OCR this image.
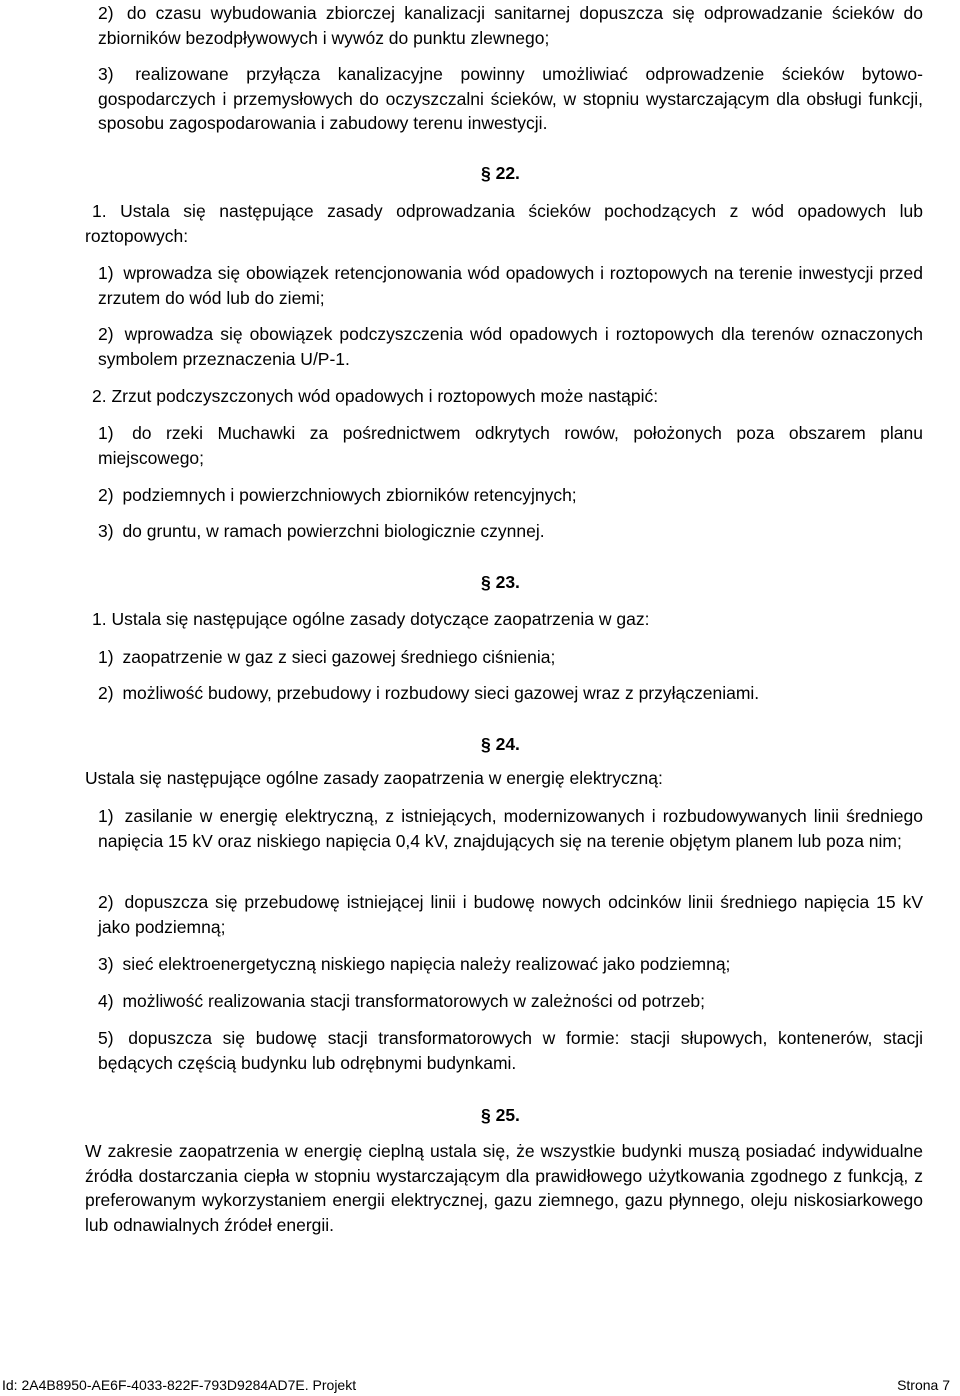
2) do czasu wybudowania zbiorczej kanalizacji sanitarnej dopuszcza się odprowadzanie ścieków do zbiorników bezodpływowych i wywóz do punktu zlewnego;
3) realizowane przyłącza kanalizacyjne powinny umożliwiać odprowadzenie ścieków bytowo-gospodarczych i przemysłowych do oczyszczalni ścieków, w stopniu wystarczającym dla obsługi funkcji, sposobu zagospodarowania i zabudowy terenu inwestycji.
§ 22.
1. Ustala się następujące zasady odprowadzania ścieków pochodzących z wód opadowych lub roztopowych:
1) wprowadza się obowiązek retencjonowania wód opadowych i roztopowych na terenie inwestycji przed zrzutem do wód lub do ziemi;
2) wprowadza się obowiązek podczyszczenia wód opadowych i roztopowych dla terenów oznaczonych symbolem przeznaczenia U/P-1.
2. Zrzut podczyszczonych wód opadowych i roztopowych może nastąpić:
1) do rzeki Muchawki za pośrednictwem odkrytych rowów, położonych poza obszarem planu miejscowego;
2) podziemnych i powierzchniowych zbiorników retencyjnych;
3) do gruntu, w ramach powierzchni biologicznie czynnej.
§ 23.
1. Ustala się następujące ogólne zasady dotyczące zaopatrzenia w gaz:
1) zaopatrzenie w gaz z sieci gazowej średniego ciśnienia;
2) możliwość budowy, przebudowy i rozbudowy sieci gazowej wraz z przyłączeniami.
§ 24.
Ustala się następujące ogólne zasady zaopatrzenia w energię elektryczną:
1) zasilanie w energię elektryczną, z istniejących, modernizowanych i rozbudowywanych linii średniego napięcia 15 kV oraz niskiego napięcia 0,4 kV, znajdujących się na terenie objętym planem lub poza nim;
2) dopuszcza się przebudowę istniejącej linii i budowę nowych odcinków linii średniego napięcia 15 kV jako podziemną;
3) sieć elektroenergetyczną niskiego napięcia należy realizować jako podziemną;
4) możliwość realizowania stacji transformatorowych w zależności od potrzeb;
5) dopuszcza się budowę stacji transformatorowych w formie: stacji słupowych, kontenerów, stacji będących częścią budynku lub odrębnymi budynkami.
§ 25.
W zakresie zaopatrzenia w energię cieplną ustala się, że wszystkie budynki muszą posiadać indywidualne źródła dostarczania ciepła w stopniu wystarczającym dla prawidłowego użytkowania zgodnego z funkcją, z preferowanym wykorzystaniem energii elektrycznej, gazu ziemnego, gazu płynnego, oleju niskosiarkowego lub odnawialnych źródeł energii.
Id: 2A4B8950-AE6F-4033-822F-793D9284AD7E. Projekt	Strona 7
